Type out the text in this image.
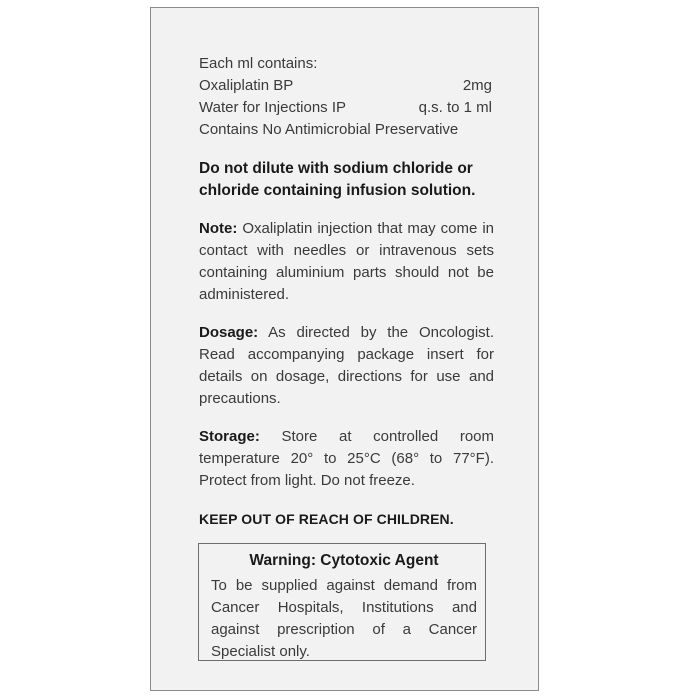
Each ml contains:
Oxaliplatin BP	2mg
Water for Injections IP	q.s. to 1 ml
Contains No Antimicrobial Preservative
Do not dilute with sodium chloride or chloride containing infusion solution.
Note: Oxaliplatin injection that may come in contact with needles or intravenous sets containing aluminium parts should not be administered.
Dosage: As directed by the Oncologist. Read accompanying package insert for details on dosage, directions for use and precautions.
Storage: Store at controlled room temperature 20° to 25°C (68° to 77°F). Protect from light. Do not freeze.
KEEP OUT OF REACH OF CHILDREN.
Warning: Cytotoxic Agent
To be supplied against demand from Cancer Hospitals, Institutions and against prescription of a Cancer Specialist only.
